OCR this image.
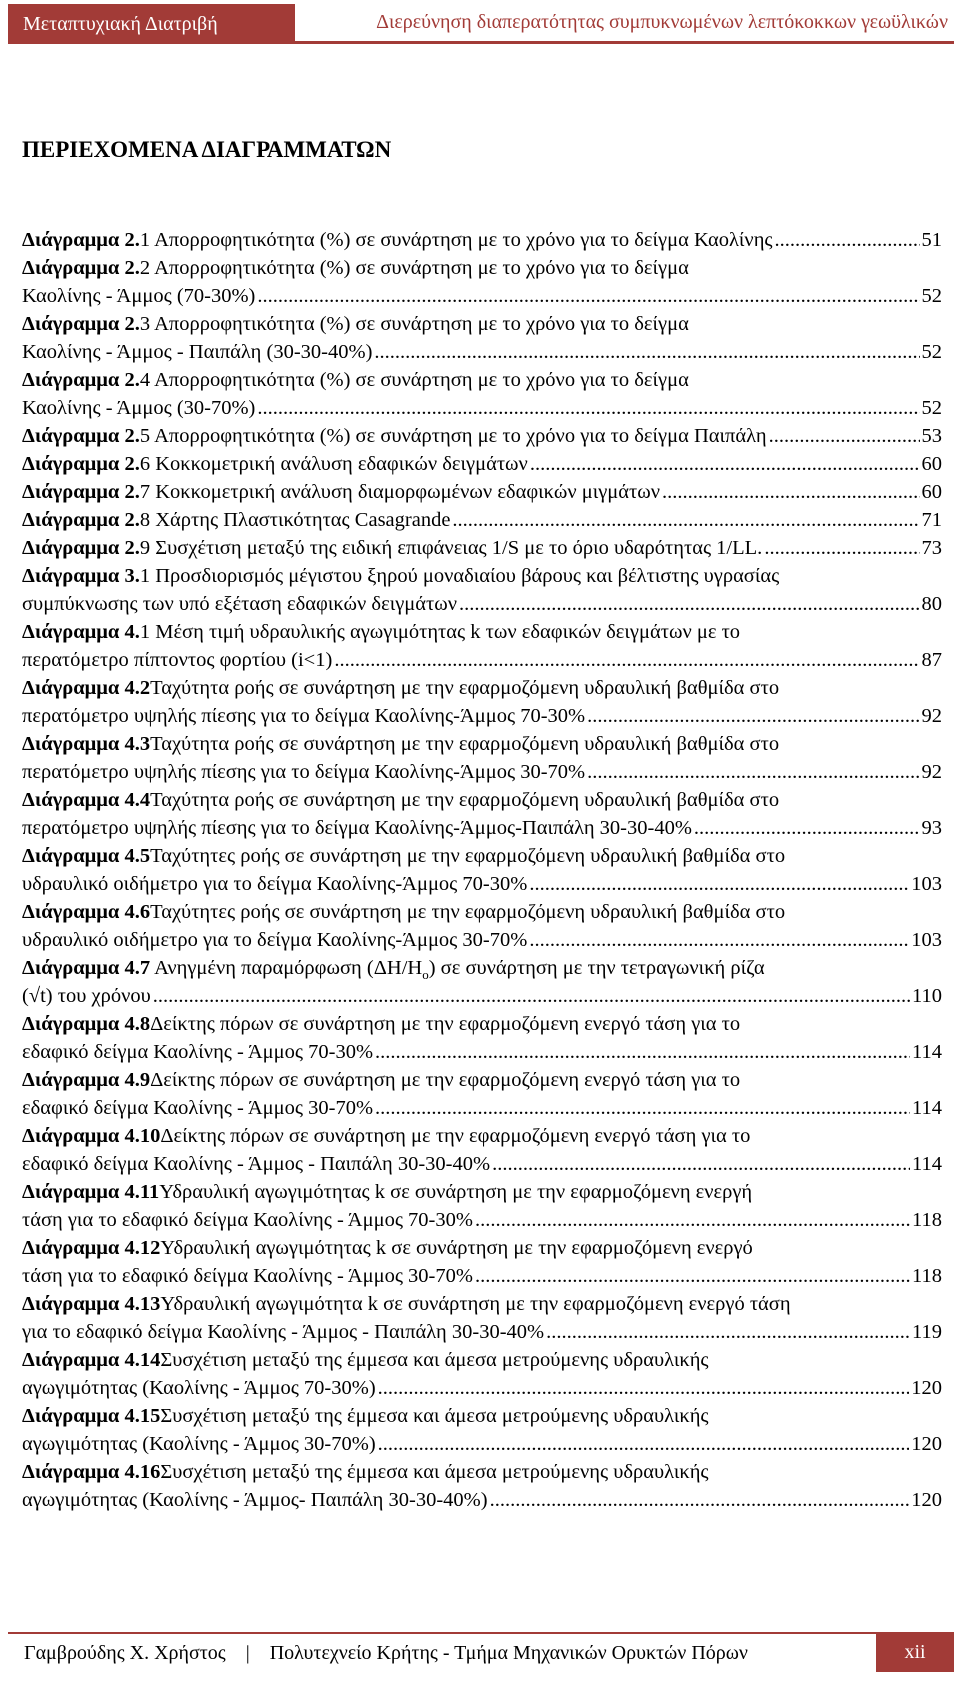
Μεταπτυχιακή Διατριβή	Διερεύνηση διαπερατότητας συμπυκνωμένων λεπτόκοκκων γεωϋλικών
ΠΕΡΙΕΧΟΜΕΝΑ ΔΙΑΓΡΑΜΜΑΤΩΝ
Διάγραμμα 2. 1 Απορροφητικότητα (%) σε συνάρτηση με το χρόνο για το δείγμα Καολίνης .....	51
Διάγραμμα 2. 2 Απορροφητικότητα (%) σε συνάρτηση με το χρόνο για το δείγμα
Καολίνης - Άμμος (70-30%) .....	52
Διάγραμμα 2. 3 Απορροφητικότητα (%) σε συνάρτηση με το χρόνο για το δείγμα
Καολίνης - Άμμος - Παιπάλη (30-30-40%) .....	52
Διάγραμμα 2. 4 Απορροφητικότητα (%) σε συνάρτηση με το χρόνο για το δείγμα
Καολίνης - Άμμος (30-70%) .....	52
Διάγραμμα 2. 5 Απορροφητικότητα (%) σε συνάρτηση με το χρόνο για το δείγμα Παιπάλη .....	53
Διάγραμμα 2. 6 Κοκκομετρική ανάλυση εδαφικών δειγμάτων .....	60
Διάγραμμα 2. 7 Κοκκομετρική ανάλυση διαμορφωμένων εδαφικών μιγμάτων .....	60
Διάγραμμα 2. 8 Χάρτης Πλαστικότητας Casagrande .....	71
Διάγραμμα 2. 9 Συσχέτιση μεταξύ της ειδική επιφάνειας 1/S με το όριο υδαρότητας 1/LL. .....	73
Διάγραμμα 3. 1 Προσδιορισμός μέγιστου ξηρού μοναδιαίου βάρους και βέλτιστης υγρασίας
συμπύκνωσης των υπό εξέταση εδαφικών δειγμάτων .....	80
Διάγραμμα 4. 1 Μέση τιμή υδραυλικής αγωγιμότητας k των εδαφικών δειγμάτων με το
περατόμετρο πίπτοντος φορτίου (i<1) .....	87
Διάγραμμα 4.2 Ταχύτητα ροής σε συνάρτηση με την εφαρμοζόμενη υδραυλική βαθμίδα στο
περατόμετρο υψηλής πίεσης για το δείγμα Καολίνης-Άμμος 70-30% .....	92
Διάγραμμα 4.3 Ταχύτητα ροής σε συνάρτηση με την εφαρμοζόμενη υδραυλική βαθμίδα στο
περατόμετρο υψηλής πίεσης για το δείγμα Καολίνης-Άμμος 30-70% .....	92
Διάγραμμα 4.4 Ταχύτητα ροής σε συνάρτηση με την εφαρμοζόμενη υδραυλική βαθμίδα στο
περατόμετρο υψηλής πίεσης για το δείγμα Καολίνης-Άμμος-Παιπάλη 30-30-40% .....	93
Διάγραμμα 4.5 Ταχύτητες ροής σε συνάρτηση με την εφαρμοζόμενη υδραυλική βαθμίδα στο
υδραυλικό οιδήμετρο για το δείγμα Καολίνης-Άμμος 70-30% .....	103
Διάγραμμα 4.6 Ταχύτητες ροής σε συνάρτηση με την εφαρμοζόμενη υδραυλική βαθμίδα στο
υδραυλικό οιδήμετρο για το δείγμα Καολίνης-Άμμος 30-70% .....	103
Διάγραμμα 4.7 Ανηγμένη παραμόρφωση $(\Delta H/H_o)$ σε συνάρτηση με την τετραγωνική ρίζα
(√t) του χρόνου .....	110
Διάγραμμα 4.8 Δείκτης πόρων σε συνάρτηση με την εφαρμοζόμενη ενεργό τάση για το
εδαφικό δείγμα Καολίνης - Άμμος 70-30% .....	114
Διάγραμμα 4.9 Δείκτης πόρων σε συνάρτηση με την εφαρμοζόμενη ενεργό τάση για το
εδαφικό δείγμα Καολίνης - Άμμος 30-70% .....	114
Διάγραμμα 4.10 Δείκτης πόρων σε συνάρτηση με την εφαρμοζόμενη ενεργό τάση για το
εδαφικό δείγμα Καολίνης - Άμμος - Παιπάλη 30-30-40% .....	114
Διάγραμμα 4.11 Υδραυλική αγωγιμότητας k σε συνάρτηση με την εφαρμοζόμενη ενεργή
τάση για το εδαφικό δείγμα Καολίνης - Άμμος 70-30% .....	118
Διάγραμμα 4.12 Υδραυλική αγωγιμότητας k σε συνάρτηση με την εφαρμοζόμενη ενεργό
τάση για το εδαφικό δείγμα Καολίνης - Άμμος 30-70% .....	118
Διάγραμμα 4.13 Υδραυλική αγωγιμότητα k σε συνάρτηση με την εφαρμοζόμενη ενεργό τάση
για το εδαφικό δείγμα Καολίνης - Άμμος - Παιπάλη 30-30-40% .....	119
Διάγραμμα 4.14 Συσχέτιση μεταξύ της έμμεσα και άμεσα μετρούμενης υδραυλικής
αγωγιμότητας (Καολίνης - Άμμος 70-30%) .....	120
Διάγραμμα 4.15 Συσχέτιση μεταξύ της έμμεσα και άμεσα μετρούμενης υδραυλικής
αγωγιμότητας (Καολίνης - Άμμος 30-70%) .....	120
Διάγραμμα 4.16 Συσχέτιση μεταξύ της έμμεσα και άμεσα μετρούμενης υδραυλικής
αγωγιμότητας (Καολίνης - Άμμος- Παιπάλη 30-30-40%) .....	120
Γαμβρούδης Χ. Χρήστος	|	Πολυτεχνείο Κρήτης - Τμήμα Μηχανικών Ορυκτών Πόρων	xii
